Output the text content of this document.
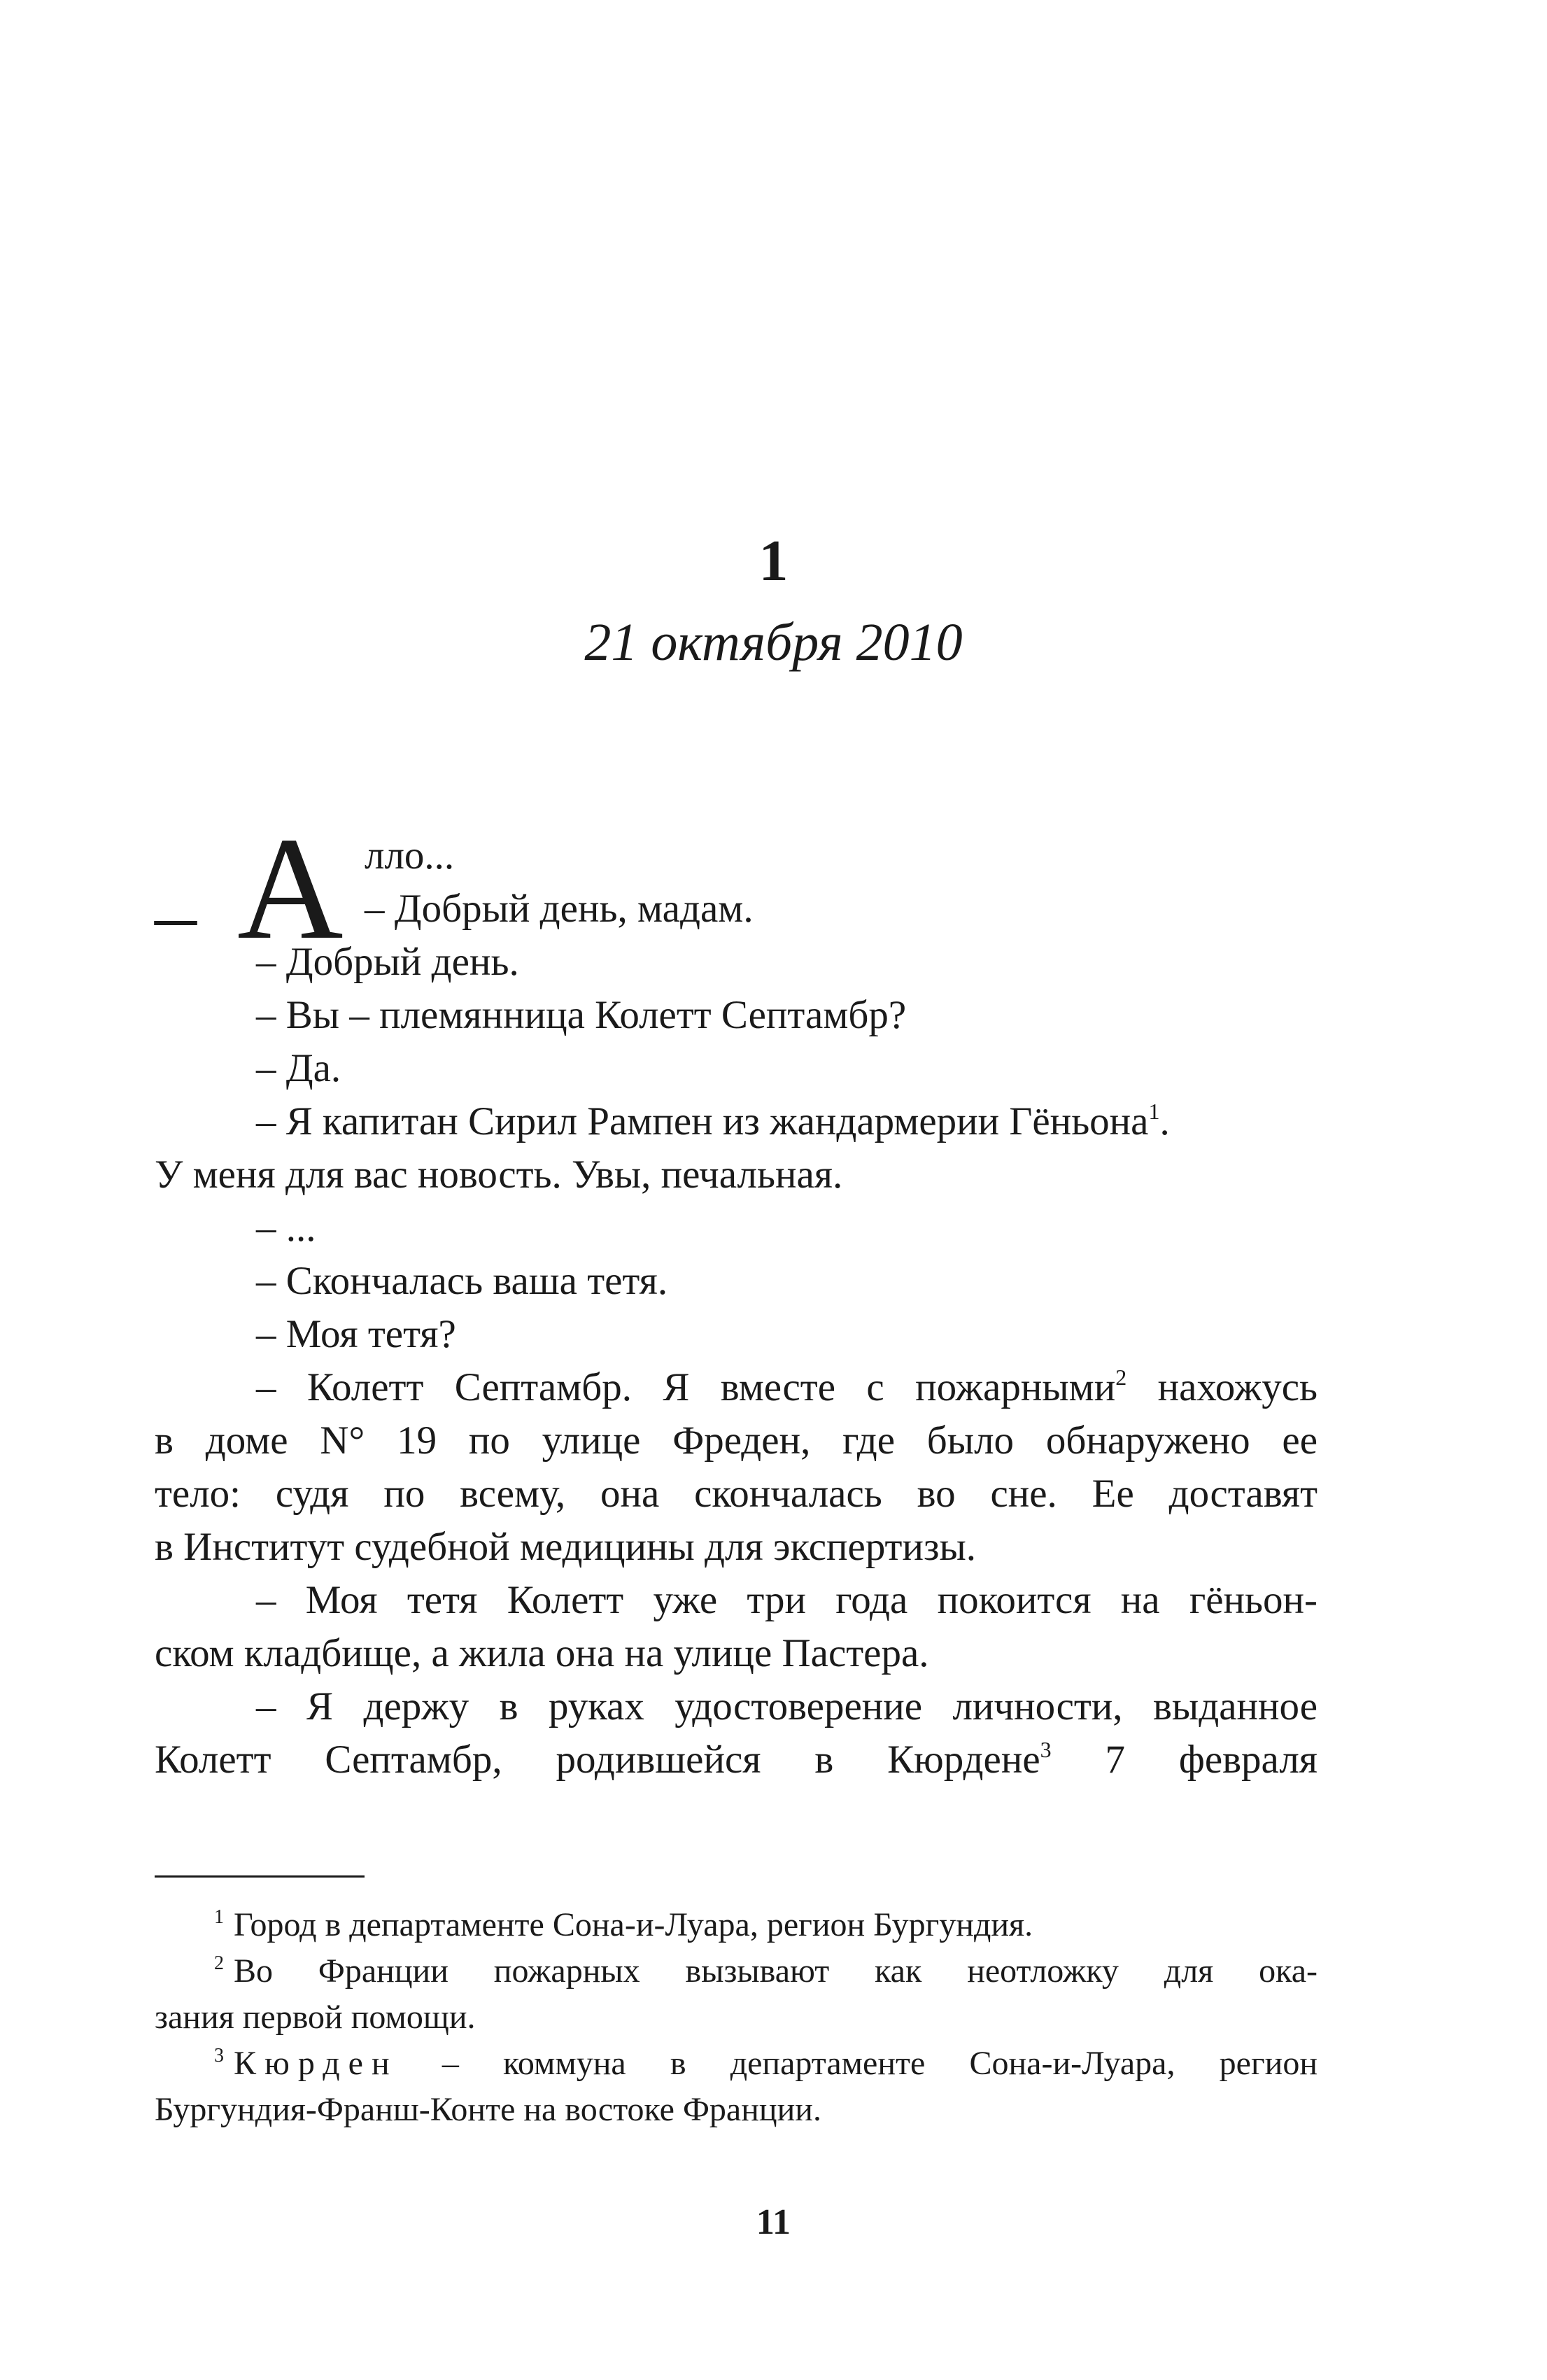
1
21 октября 2010
– А лло...
– Добрый день, мадам.
– Добрый день.
– Вы – племянница Колетт Септамбр?
– Да.
– Я капитан Сирил Рампен из жандармерии Гёньона$^1$.
У меня для вас новость. Увы, печальная.
– ...
– Скончалась ваша тетя.
– Моя тетя?
– Колетт Септамбр. Я вместе с пожарными$^2$ нахожусь
в доме N° 19 по улице Фреден, где было обнаружено ее
тело: судя по всему, она скончалась во сне. Ее доставят
в Институт судебной медицины для экспертизы.
– Моя тетя Колетт уже три года покоится на гёньон-
ском кладбище, а жила она на улице Пастера.
– Я держу в руках удостоверение личности, выданное
Колетт Септамбр, родившейся в Кюрдене$^3$ 7 февраля

$^1$ Город в департаменте Сона-и-Луара, регион Бургундия.

$^2$ Во Франции пожарных вызывают как неотложку для ока-

зания первой помощи.

$^3$ Кюрден – коммуна в департаменте Сона-и-Луара, регион

Бургундия-Франш-Конте на востоке Франции.

11
